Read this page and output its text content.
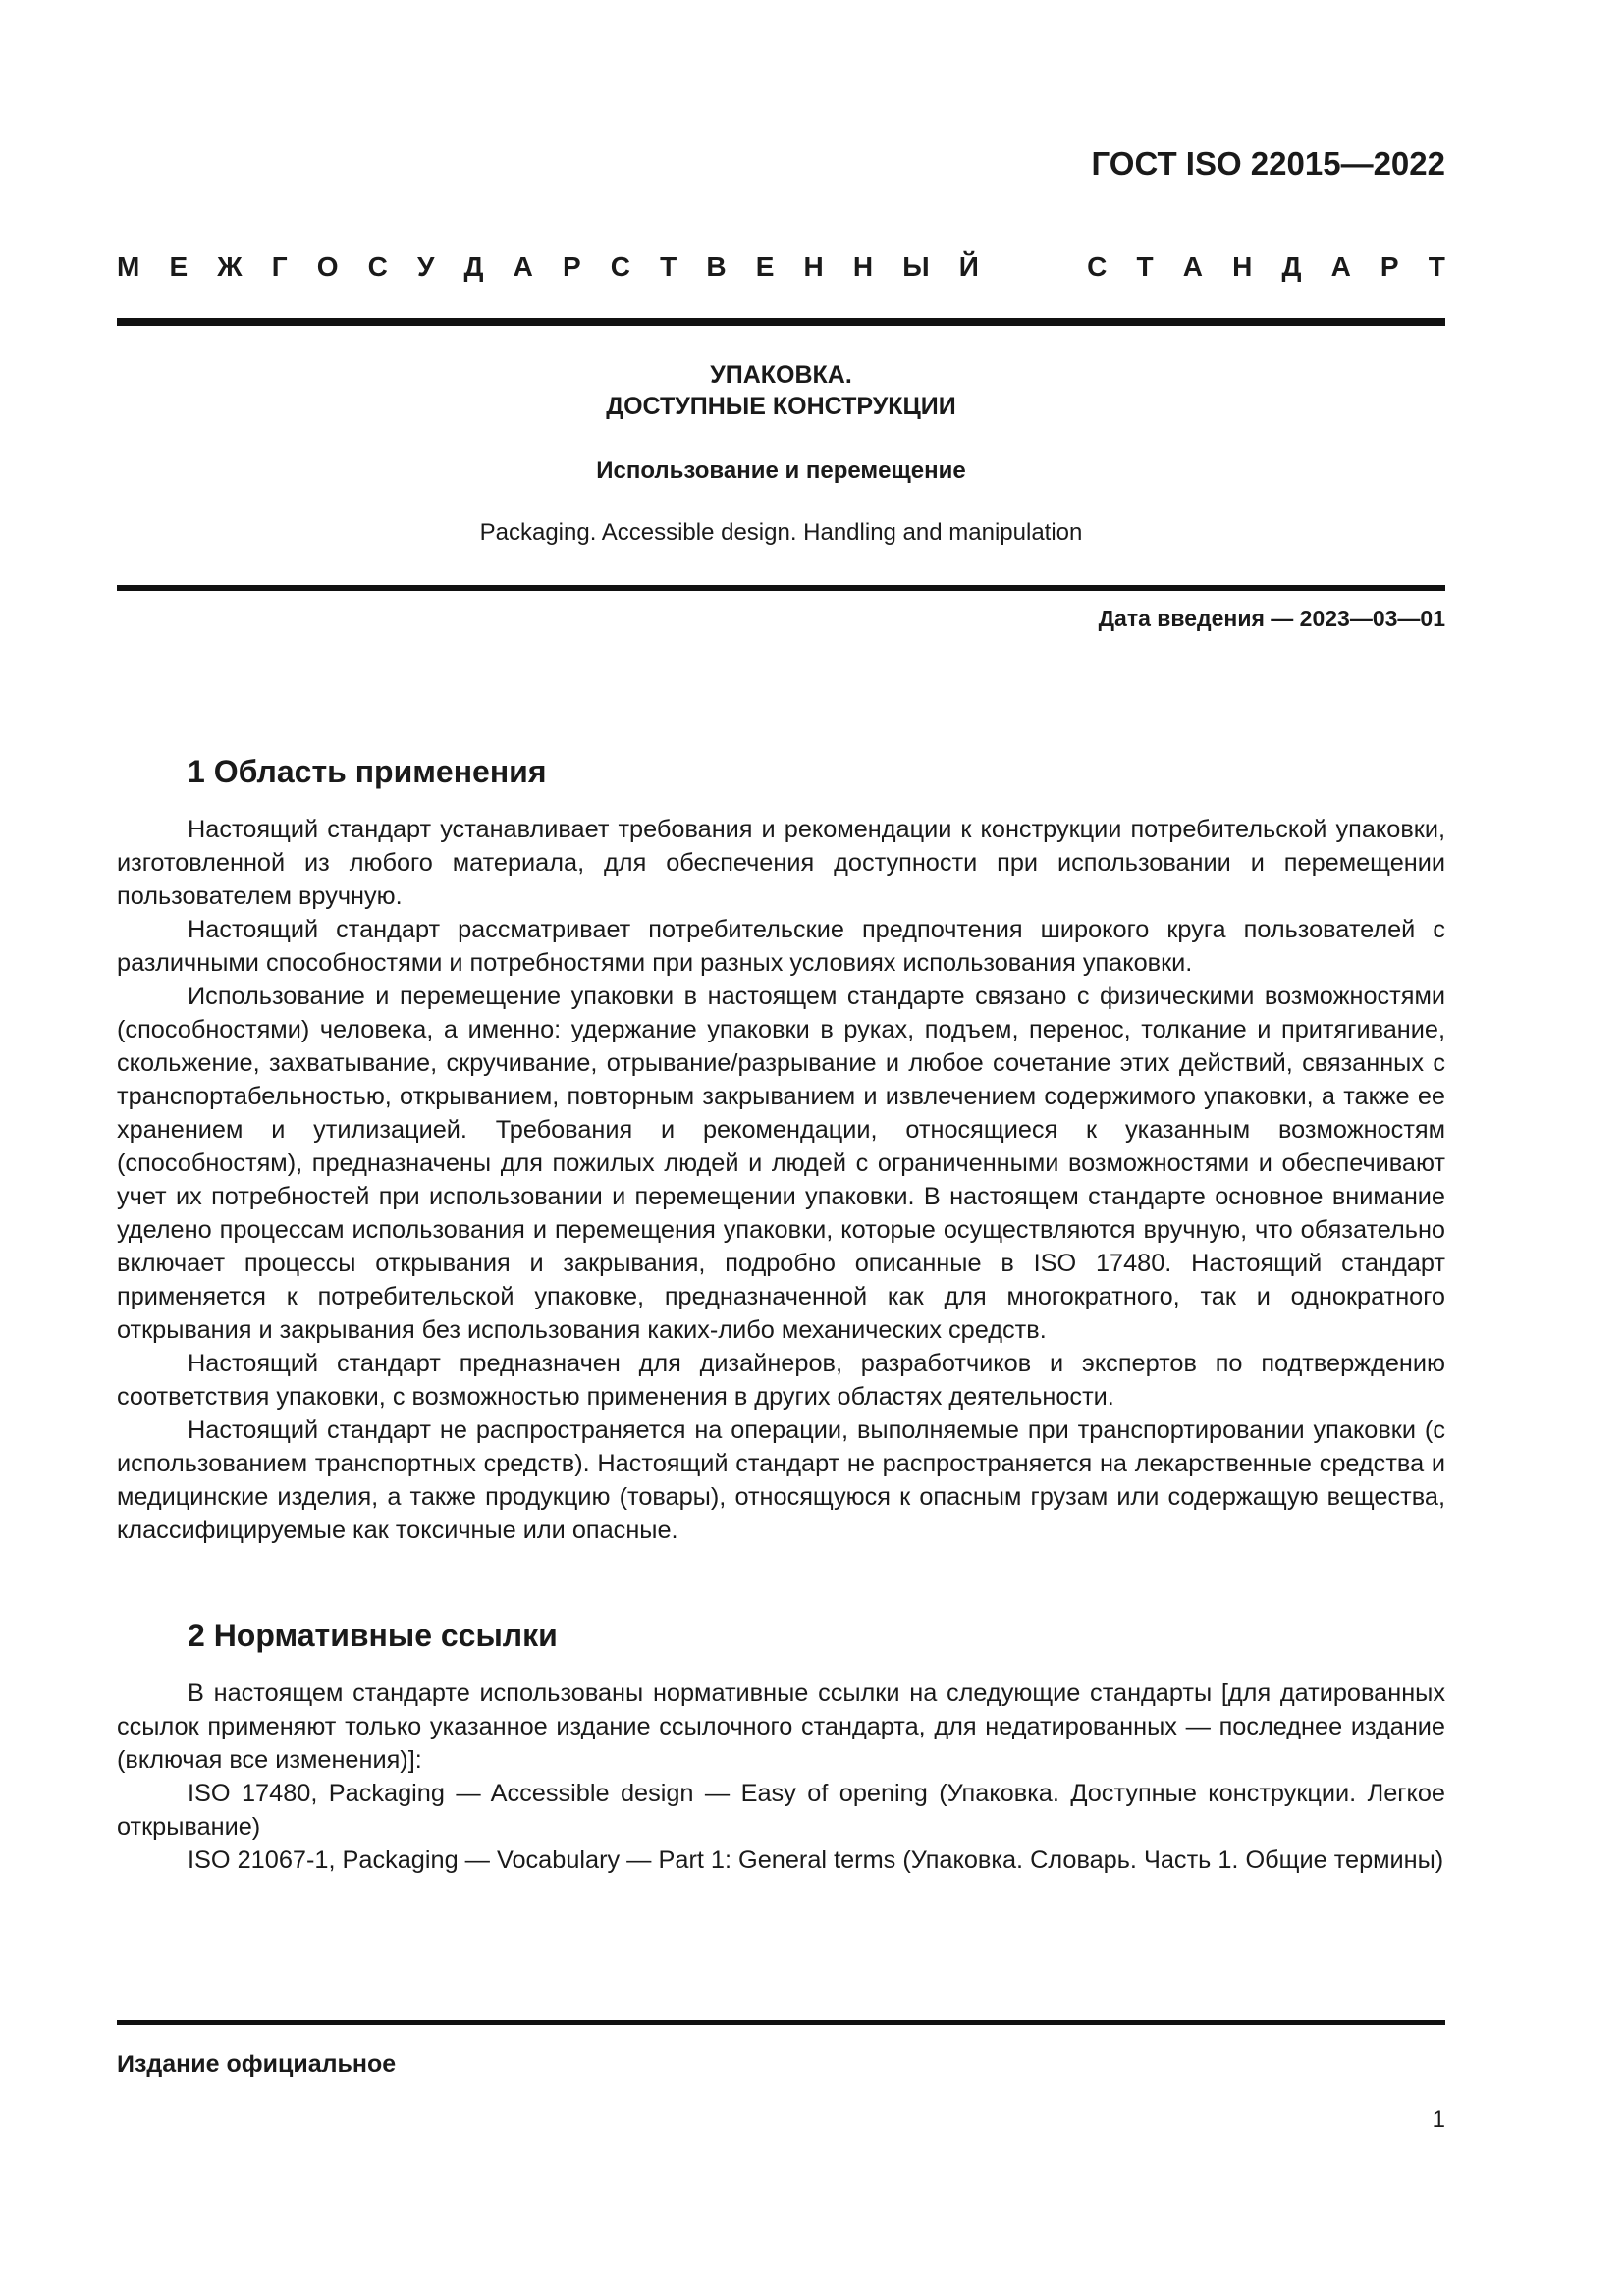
ГОСТ ISO 22015—2022
М Е Ж Г О С У Д А Р С Т В Е Н Н Ы Й	С Т А Н Д А Р Т
УПАКОВКА.
ДОСТУПНЫЕ КОНСТРУКЦИИ
Использование и перемещение
Packaging. Accessible design. Handling and manipulation
Дата введения — 2023—03—01
1 Область применения

Настоящий стандарт устанавливает требования и рекомендации к конструкции потребительской упаковки, изготовленной из любого материала, для обеспечения доступности при использовании и перемещении пользователем вручную.

Настоящий стандарт рассматривает потребительские предпочтения широкого круга пользователей с различными способностями и потребностями при разных условиях использования упаковки.

Использование и перемещение упаковки в настоящем стандарте связано с физическими возможностями (способностями) человека, а именно: удержание упаковки в руках, подъем, перенос, толкание и притягивание, скольжение, захватывание, скручивание, отрывание/разрывание и любое сочетание этих действий, связанных с транспортабельностью, открыванием, повторным закрыванием и извлечением содержимого упаковки, а также ее хранением и утилизацией. Требования и рекомендации, относящиеся к указанным возможностям (способностям), предназначены для пожилых людей и людей с ограниченными возможностями и обеспечивают учет их потребностей при использовании и перемещении упаковки. В настоящем стандарте основное внимание уделено процессам использования и перемещения упаковки, которые осуществляются вручную, что обязательно включает процессы открывания и закрывания, подробно описанные в ISO 17480. Настоящий стандарт применяется к потребительской упаковке, предназначенной как для многократного, так и однократного открывания и закрывания без использования каких-либо механических средств.

Настоящий стандарт предназначен для дизайнеров, разработчиков и экспертов по подтверждению соответствия упаковки, с возможностью применения в других областях деятельности.

Настоящий стандарт не распространяется на операции, выполняемые при транспортировании упаковки (с использованием транспортных средств). Настоящий стандарт не распространяется на лекарственные средства и медицинские изделия, а также продукцию (товары), относящуюся к опасным грузам или содержащую вещества, классифицируемые как токсичные или опасные.

2 Нормативные ссылки

В настоящем стандарте использованы нормативные ссылки на следующие стандарты [для датированных ссылок применяют только указанное издание ссылочного стандарта, для недатированных — последнее издание (включая все изменения)]:

ISO 17480, Packaging — Accessible design — Easy of opening (Упаковка. Доступные конструкции. Легкое открывание)

ISO 21067-1, Packaging — Vocabulary — Part 1: General terms (Упаковка. Словарь. Часть 1. Общие термины)

Издание официальное
1
